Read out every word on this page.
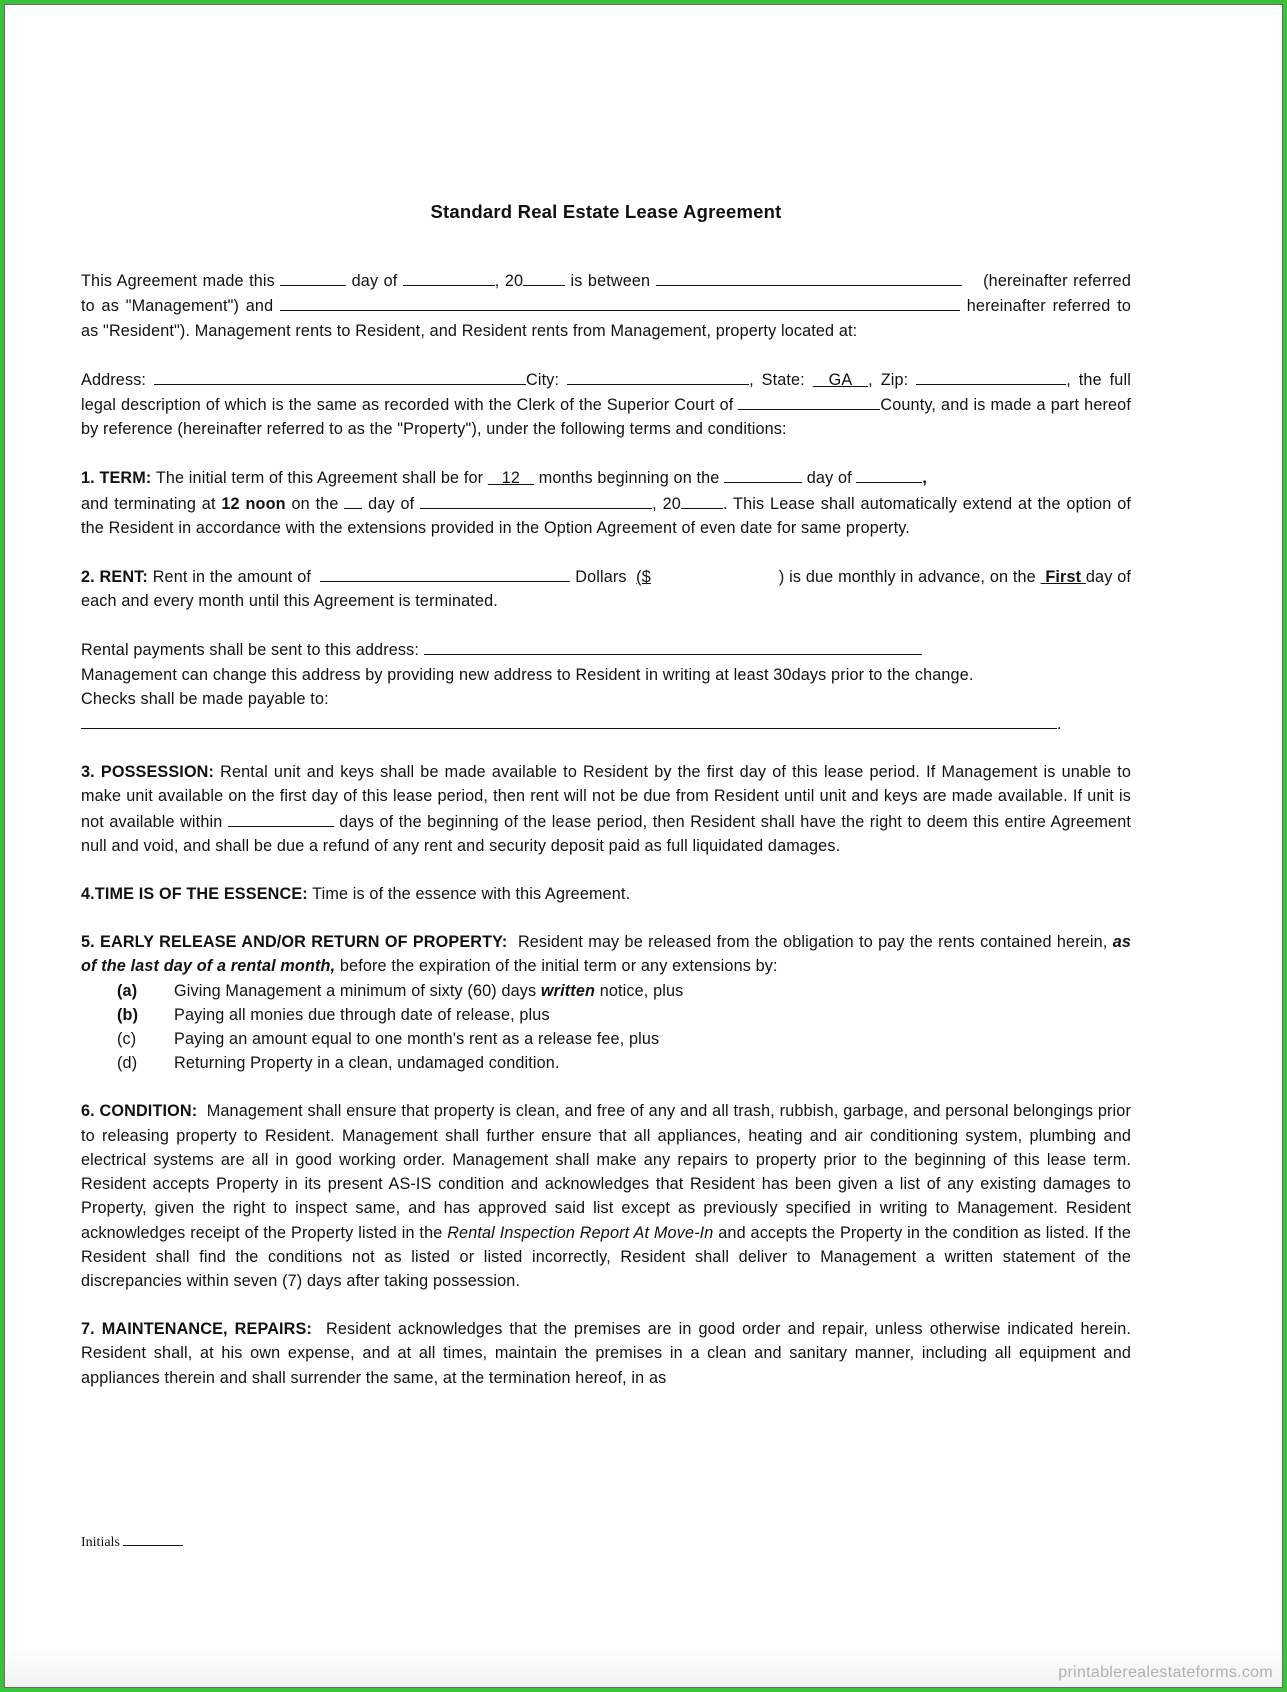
Standard Real Estate Lease Agreement

This Agreement made this	day of	, 20	is between	(hereinafter referred to as "Management") and	hereinafter referred to as "Resident"). Management rents to Resident, and Resident rents from Management, property located at:

Address:	City:	, State: GA , Zip:	, the full legal description of which is the same as recorded with the Clerk of the Superior Court of	County, and is made a part hereof by reference (hereinafter referred to as the "Property"), under the following terms and conditions:

1. TERM: The initial term of this Agreement shall be for 12 months beginning on the	day of	,
and terminating at 12 noon on the day of	, 20	. This Lease shall automatically extend at the option of the Resident in accordance with the extensions provided in the Option Agreement of even date for same property.

2. RENT: Rent in the amount of	Dollars ($	) is due monthly in advance, on the First day of each and every month until this Agreement is terminated.

Rental payments shall be sent to this address:
Management can change this address by providing new address to Resident in writing at least 30days prior to the change.
Checks shall be made payable to:
.

3. POSSESSION: Rental unit and keys shall be made available to Resident by the first day of this lease period. If Management is unable to make unit available on the first day of this lease period, then rent will not be due from Resident until unit and keys are made available. If unit is not available within	days of the beginning of the lease period, then Resident shall have the right to deem this entire Agreement null and void, and shall be due a refund of any rent and security deposit paid as full liquidated damages.

4.TIME IS OF THE ESSENCE: Time is of the essence with this Agreement.

5. EARLY RELEASE AND/OR RETURN OF PROPERTY: Resident may be released from the obligation to pay the rents contained herein, as of the last day of a rental month, before the expiration of the initial term or any extensions by:

(a)	Giving Management a minimum of sixty (60) days written notice, plus
(b)	Paying all monies due through date of release, plus
(c)	Paying an amount equal to one month's rent as a release fee, plus
(d)	Returning Property in a clean, undamaged condition.

6. CONDITION: Management shall ensure that property is clean, and free of any and all trash, rubbish, garbage, and personal belongings prior to releasing property to Resident. Management shall further ensure that all appliances, heating and air conditioning system, plumbing and electrical systems are all in good working order. Management shall make any repairs to property prior to the beginning of this lease term. Resident accepts Property in its present AS-IS condition and acknowledges that Resident has been given a list of any existing damages to Property, given the right to inspect same, and has approved said list except as previously specified in writing to Management. Resident acknowledges receipt of the Property listed in the Rental Inspection Report At Move-In and accepts the Property in the condition as listed. If the Resident shall find the conditions not as listed or listed incorrectly, Resident shall deliver to Management a written statement of the discrepancies within seven (7) days after taking possession.

7. MAINTENANCE, REPAIRS: Resident acknowledges that the premises are in good order and repair, unless otherwise indicated herein. Resident shall, at his own expense, and at all times, maintain the premises in a clean and sanitary manner, including all equipment and appliances therein and shall surrender the same, at the termination hereof, in as

Initials
printablerealestateforms.com
